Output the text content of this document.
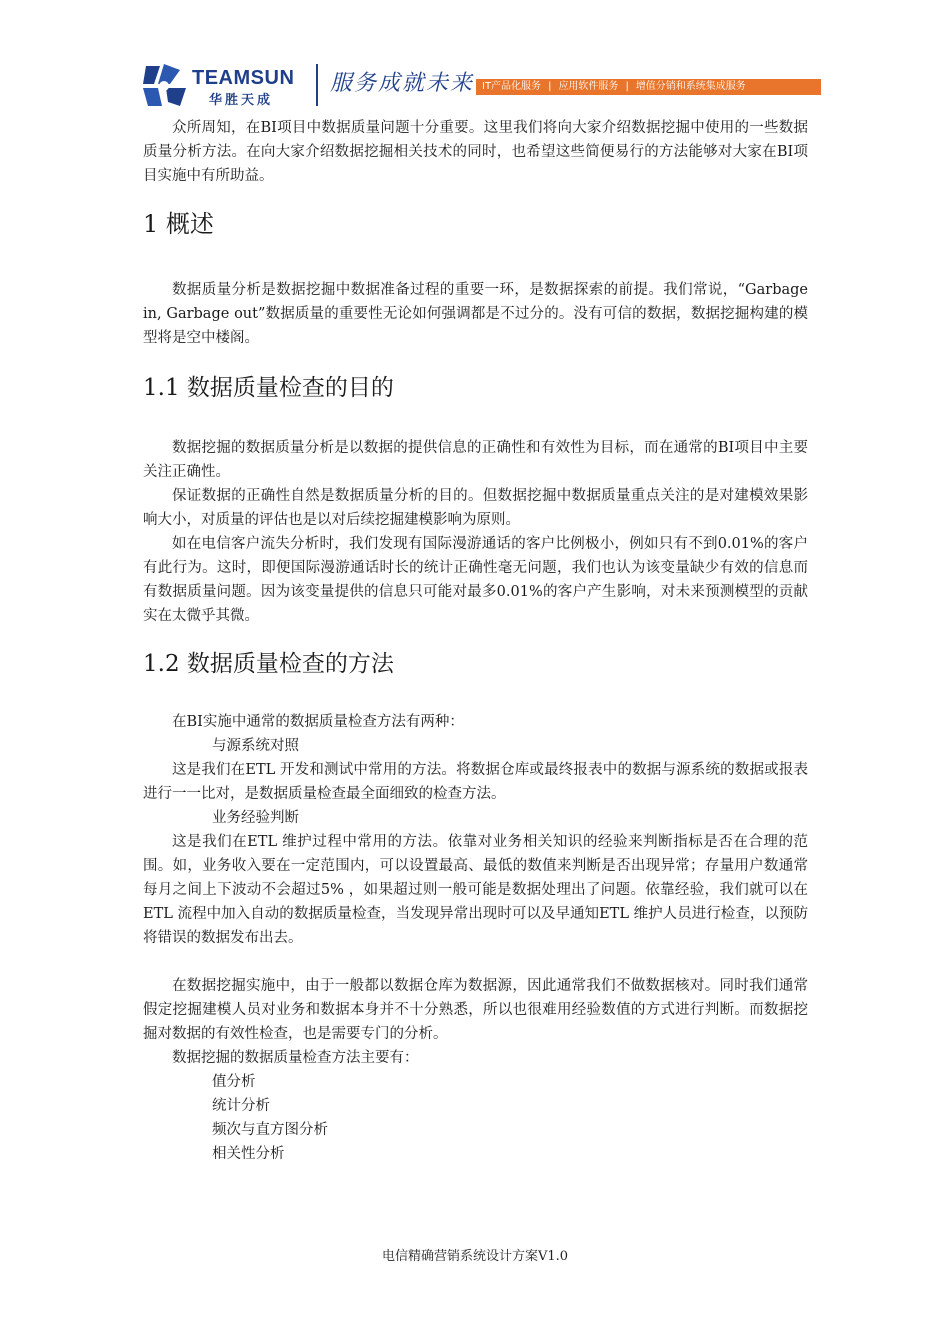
TEAMSUN
华胜天成
服务成就未来 IT产品化服务 | 应用软件服务 | 增值分销和系统集成服务

众所周知，在BI项目中数据质量问题十分重要。这里我们将向大家介绍数据挖掘中使用的一些数据质量分析方法。在向大家介绍数据挖掘相关技术的同时，也希望这些简便易行的方法能够对大家在BI项目实施中有所助益。

1 概述

数据质量分析是数据挖掘中数据准备过程的重要一环，是数据探索的前提。我们常说，“Garbage in, Garbage out”数据质量的重要性无论如何强调都是不过分的。没有可信的数据，数据挖掘构建的模型将是空中楼阁。

1.1 数据质量检查的目的

数据挖掘的数据质量分析是以数据的提供信息的正确性和有效性为目标，而在通常的BI项目中主要关注正确性。

保证数据的正确性自然是数据质量分析的目的。但数据挖掘中数据质量重点关注的是对建模效果影响大小，对质量的评估也是以对后续挖掘建模影响为原则。

如在电信客户流失分析时，我们发现有国际漫游通话的客户比例极小，例如只有不到0.01%的客户有此行为。这时，即便国际漫游通话时长的统计正确性毫无问题，我们也认为该变量缺少有效的信息而有数据质量问题。因为该变量提供的信息只可能对最多0.01%的客户产生影响，对未来预测模型的贡献实在太微乎其微。

1.2 数据质量检查的方法

在BI实施中通常的数据质量检查方法有两种：

与源系统对照

这是我们在ETL 开发和测试中常用的方法。将数据仓库或最终报表中的数据与源系统的数据或报表进行一一比对，是数据质量检查最全面细致的检查方法。

业务经验判断

这是我们在ETL 维护过程中常用的方法。依靠对业务相关知识的经验来判断指标是否在合理的范围。如，业务收入要在一定范围内，可以设置最高、最低的数值来判断是否出现异常；存量用户数通常每月之间上下波动不会超过5% ，如果超过则一般可能是数据处理出了问题。依靠经验，我们就可以在ETL 流程中加入自动的数据质量检查，当发现异常出现时可以及早通知ETL 维护人员进行检查，以预防将错误的数据发布出去。

在数据挖掘实施中，由于一般都以数据仓库为数据源，因此通常我们不做数据核对。同时我们通常假定挖掘建模人员对业务和数据本身并不十分熟悉，所以也很难用经验数值的方式进行判断。而数据挖掘对数据的有效性检查，也是需要专门的分析。

数据挖掘的数据质量检查方法主要有：

值分析

统计分析

频次与直方图分析

相关性分析

电信精确营销系统设计方案V1.0
